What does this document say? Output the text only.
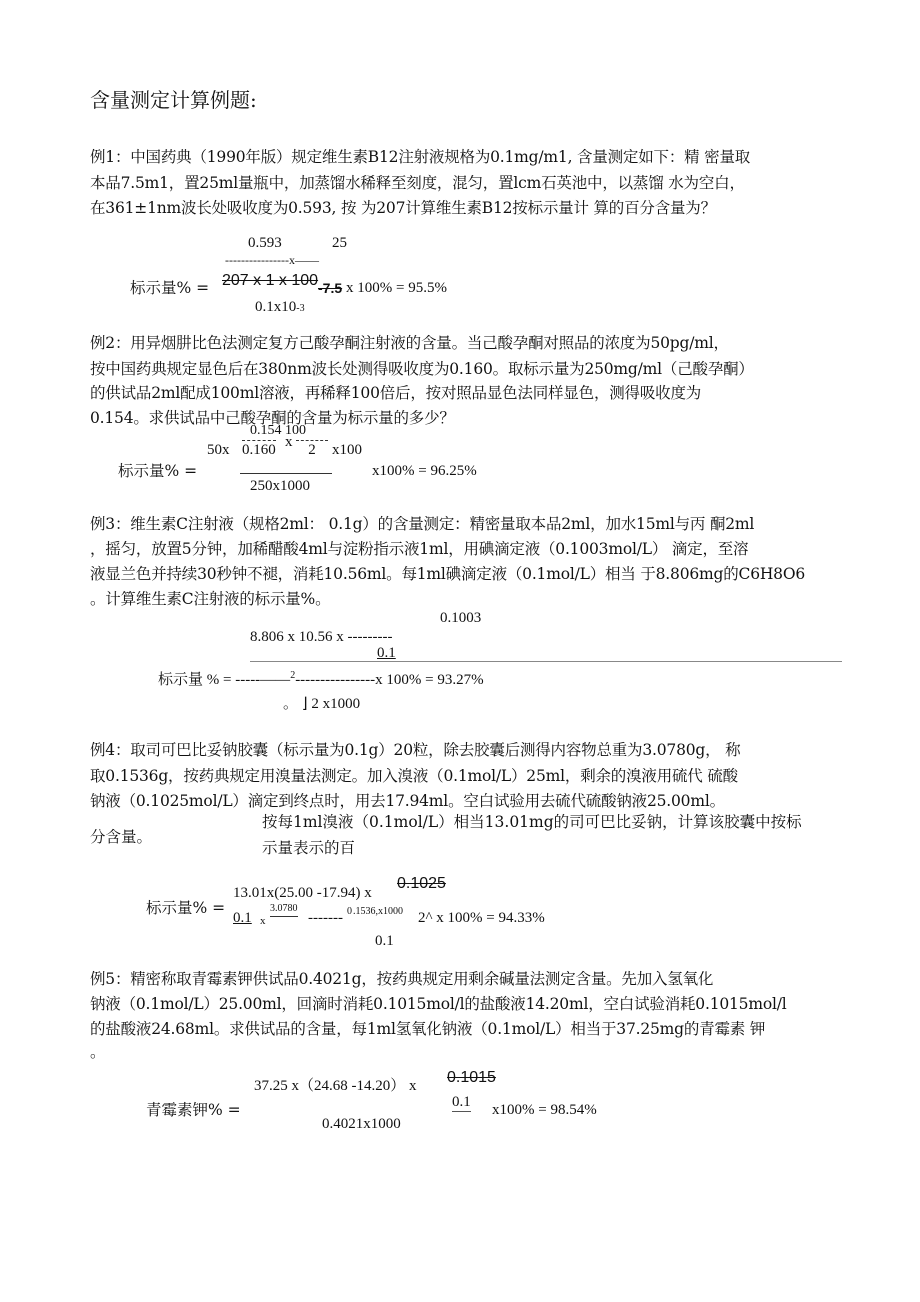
含量测定计算例题:
例1：中国药典（1990年版）规定维生素B12注射液规格为0.1mg/m1, 含量测定如下：精 密量取
本品7.5m1，置25ml量瓶中，加蒸馏水稀释至刻度，混匀，置lcm石英池中，以蒸馏 水为空白，
在361±1nm波长处吸收度为0.593, 按 为207计算维生素B12按标示量计 算的百分含量为？
0.593	25
----------------x——
标示量% = 207 x 1 x 100 -7.5 x 100% = 95.5%
0.1x10-3
例2：用异烟肼比色法测定复方己酸孕酮注射液的含量。当己酸孕酮对照品的浓度为50pg/ml，
按中国药典规定显色后在380nm波长处测得吸收度为0.160。取标示量为250mg/ml（己酸孕酮）
的供试品2ml配成100ml溶液，再稀释100倍后，按对照品显色法同样显色，测得吸收度为
0.154。求供试品中己酸孕酮的含量为标示量的多少？
0.154 100
50x 0.160 x	2	x100
标示量% =	x100% = 96.25%
250x1000
例3：维生素C注射液（规格2ml： 0.1g）的含量测定：精密量取本品2ml，加水15ml与丙 酮2ml
，摇匀，放置5分钟，加稀醋酸4ml与淀粉指示液1ml，用碘滴定液（0.1003mol/L） 滴定，至溶
液显兰色并持续30秒钟不褪，消耗10.56ml。每1ml碘滴定液（0.1mol/L）相当 于8.806mg的C6H8O6
。计算维生素C注射液的标示量%。
0.1003
8.806 x 10.56 x ---------
0.1
标示量 % = -----——$^2$----------------x 100% = 93.27%
。 ⌋ 2 x1000
例4：取司可巴比妥钠胶囊（标示量为0.1g）20粒，除去胶囊后测得内容物总重为3.0780g， 称
取0.1536g，按药典规定用溴量法测定。加入溴液（0.1mol/L）25ml，剩余的溴液用硫代 硫酸
钠液（0.1025mol/L）滴定到终点时，用去17.94ml。空白试验用去硫代硫酸钠液25.00ml。
按每1ml溴液（0.1mol/L）相当13.01mg的司可巴比妥钠，计算该胶囊中按标
分含量。
示量表示的百
13.01x(25.00 -17.94) x
0.1025
标示量% =
0.1 x
3.0780
------- 0 .1536,x1000 2^ x 100% = 94.33%
0.1
例5：精密称取青霉素钾供试品0.4021g，按药典规定用剩余碱量法测定含量。先加入氢氧化
钠液（0.1mol/L）25.00ml，回滴时消耗0.1015mol/l的盐酸液14.20ml，空白试验消耗0.1015mol/l
的盐酸液24.68ml。求供试品的含量，每1ml氢氧化钠液（0.1mol/L）相当于37.25mg的青霉素 钾
。
37.25 x（24.68 -14.20） x 0.1015
青霉素钾% =	0.1 x100% = 98.54%
0.4021x1000
